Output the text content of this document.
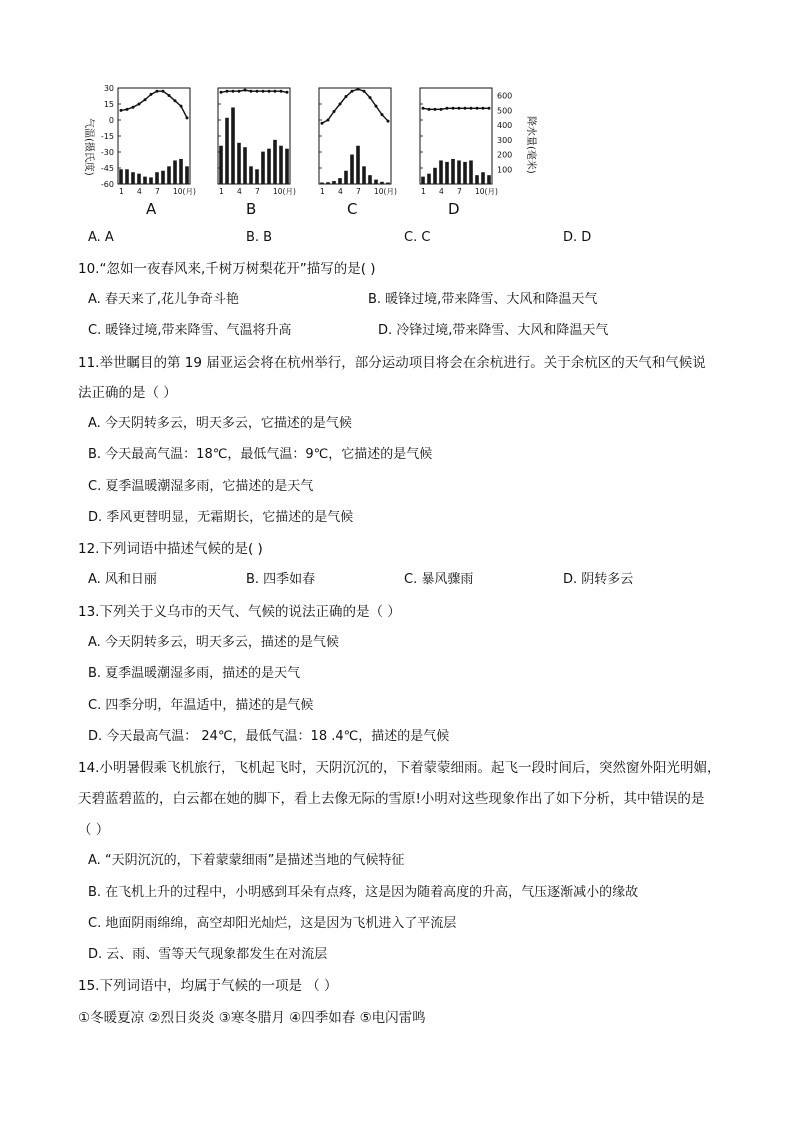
气温(摄氏度)	降水量(毫米)
30
15
0
-15
-30
-45
-60
600
500
400
300
200
100
1 4 7 10(月)
A
1 4 7 10(月)
B
1 4 7 10(月)
C
1 4 7 10(月)
D
A. A	B. B	C. C	D. D
10.“忽如一夜春风来,千树万树梨花开”描写的是( )
A. 春天来了,花儿争奇斗艳	B. 暖锋过境,带来降雪、大风和降温天气
C. 暖锋过境,带来降雪、气温将升高	D. 冷锋过境,带来降雪、大风和降温天气
11.举世瞩目的第 19 届亚运会将在杭州举行，部分运动项目将会在余杭进行。关于余杭区的天气和气候说
法正确的是（ ）
A. 今天阴转多云，明天多云，它描述的是气候
B. 今天最高气温：18℃，最低气温：9℃，它描述的是气候
C. 夏季温暖潮湿多雨，它描述的是天气
D. 季风更替明显，无霜期长，它描述的是气候
12.下列词语中描述气候的是( )
A. 风和日丽	B. 四季如春	C. 暴风骤雨	D. 阴转多云
13.下列关于义乌市的天气、气候的说法正确的是（ ）
A. 今天阴转多云，明天多云，描述的是气候
B. 夏季温暖潮湿多雨，描述的是天气
C. 四季分明，年温适中，描述的是气候
D. 今天最高气温： 24℃，最低气温：18 .4℃，描述的是气候
14.小明暑假乘飞机旅行，飞机起飞时，天阴沉沉的，下着蒙蒙细雨。起飞一段时间后，突然窗外阳光明媚，
天碧蓝碧蓝的，白云都在她的脚下，看上去像无际的雪原!小明对这些现象作出了如下分析，其中错误的是
（ ）
A. “天阴沉沉的，下着蒙蒙细雨”是描述当地的气候特征
B. 在飞机上升的过程中，小明感到耳朵有点疼，这是因为随着高度的升高，气压逐渐减小的缘故
C. 地面阴雨绵绵，高空却阳光灿烂，这是因为飞机进入了平流层
D. 云、雨、雪等天气现象都发生在对流层
15.下列词语中，均属于气候的一项是 （ ）
①冬暖夏凉 ②烈日炎炎 ③寒冬腊月 ④四季如春 ⑤电闪雷鸣
